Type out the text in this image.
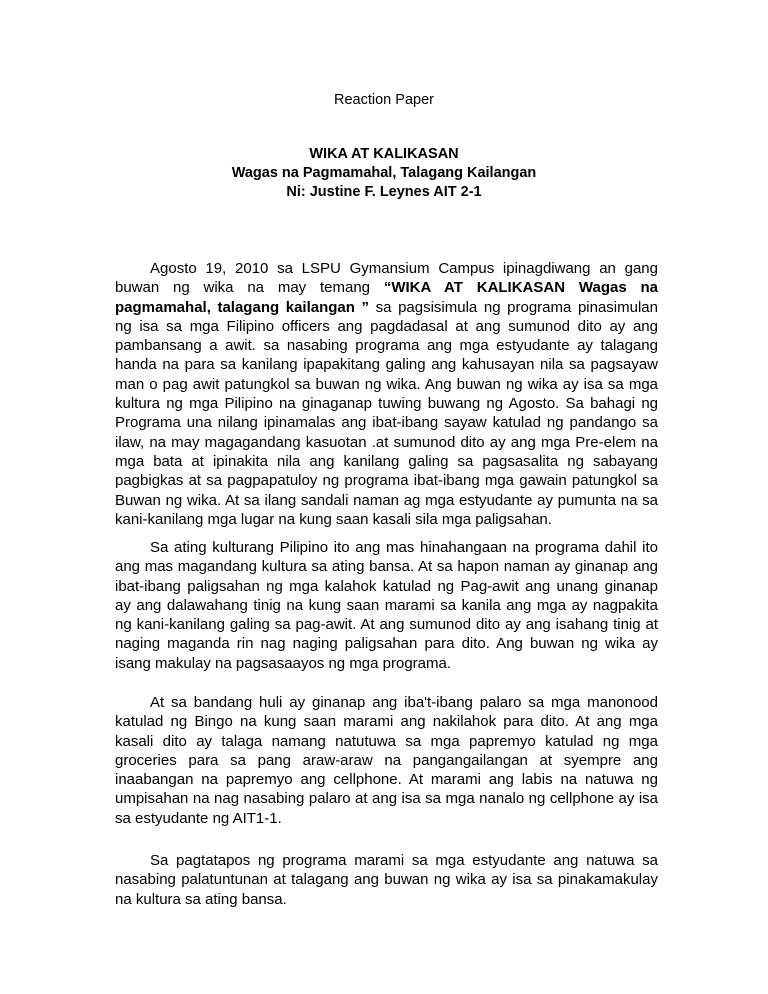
Reaction Paper
WIKA AT KALIKASAN
Wagas na Pagmamahal, Talagang Kailangan
Ni: Justine F. Leynes AIT 2-1
Agosto 19, 2010 sa LSPU Gymansium Campus ipinagdiwang an gang
buwan ng wika na may temang “WIKA AT KALIKASAN Wagas na
pagmamahal, talagang kailangan ” sa pagsisimula ng programa pinasimulan
ng isa sa mga Filipino officers ang pagdadasal at ang sumunod dito ay ang
pambansang a awit. sa nasabing programa ang mga estyudante ay talagang
handa na para sa kanilang ipapakitang galing ang kahusayan nila sa pagsayaw
man o pag awit patungkol sa buwan ng wika. Ang buwan ng wika ay isa sa mga
kultura ng mga Pilipino na ginaganap tuwing buwang ng Agosto. Sa bahagi ng
Programa una nilang ipinamalas ang ibat-ibang sayaw katulad ng pandango sa
ilaw, na may magagandang kasuotan .at sumunod dito ay ang mga Pre-elem na
mga bata at ipinakita nila ang kanilang galing sa pagsasalita ng sabayang
pagbigkas at sa pagpapatuloy ng programa ibat-ibang mga gawain patungkol sa
Buwan ng wika. At sa ilang sandali naman ag mga estyudante ay pumunta na sa
kani-kanilang mga lugar na kung saan kasali sila mga paligsahan.
Sa ating kulturang Pilipino ito ang mas hinahangaan na programa dahil ito
ang mas magandang kultura sa ating bansa. At sa hapon naman ay ginanap ang
ibat-ibang paligsahan ng mga kalahok katulad ng Pag-awit ang unang ginanap
ay ang dalawahang tinig na kung saan marami sa kanila ang mga ay nagpakita
ng kani-kanilang galing sa pag-awit. At ang sumunod dito ay ang isahang tinig at
naging maganda rin nag naging paligsahan para dito. Ang buwan ng wika ay
isang makulay na pagsasaayos ng mga programa.
At sa bandang huli ay ginanap ang iba't-ibang palaro sa mga manonood
katulad ng Bingo na kung saan marami ang nakilahok para dito. At ang mga
kasali dito ay talaga namang natutuwa sa mga papremyo katulad ng mga
groceries para sa pang araw-araw na pangangailangan at syempre ang
inaabangan na papremyo ang cellphone. At marami ang labis na natuwa ng
umpisahan na nag nasabing palaro at ang isa sa mga nanalo ng cellphone ay isa
sa estyudante ng AIT1-1.
Sa pagtatapos ng programa marami sa mga estyudante ang natuwa sa
nasabing palatuntunan at talagang ang buwan ng wika ay isa sa pinakamakulay
na kultura sa ating bansa.
